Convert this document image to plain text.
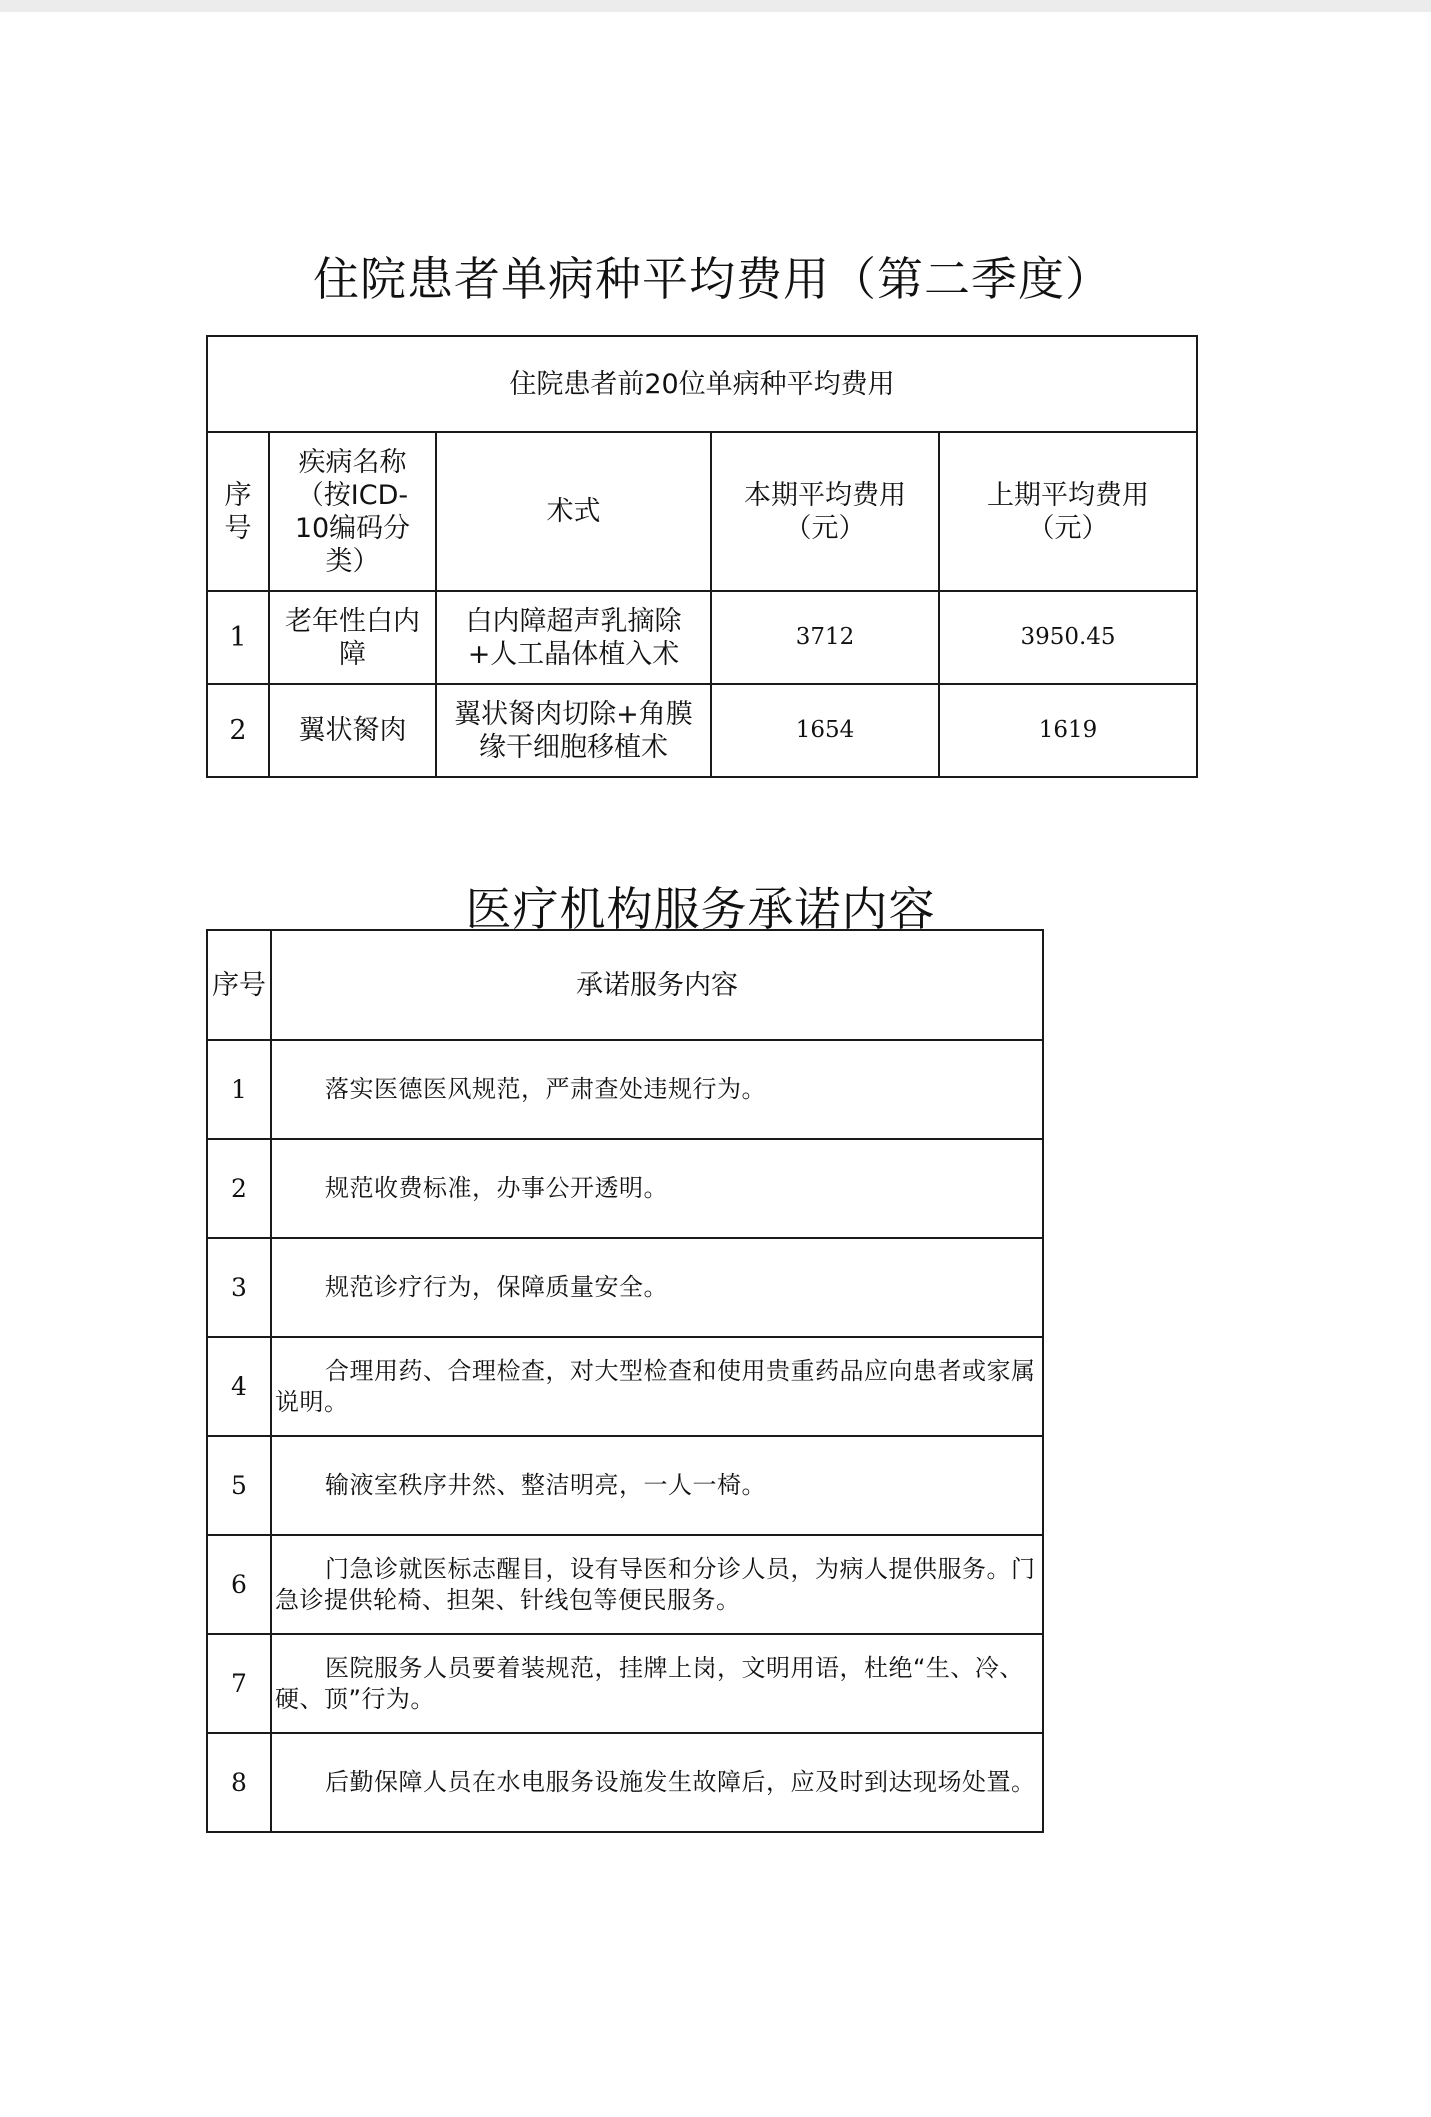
住院患者单病种平均费用（第二季度）
住院患者前20位单病种平均费用				
序号	疾病名称（按ICD-10编码分类）	术式	本期平均费用（元）	上期平均费用（元）
1	老年性白内障	白内障超声乳摘除+人工晶体植入术	3712	3950.45
2	翼状胬肉	翼状胬肉切除+角膜缘干细胞移植术	1654	1619
医疗机构服务承诺内容
序号	承诺服务内容
1	落实医德医风规范，严肃查处违规行为。
2	规范收费标准，办事公开透明。
3	规范诊疗行为，保障质量安全。
4	合理用药、合理检查，对大型检查和使用贵重药品应向患者或家属说明。
5	输液室秩序井然、整洁明亮，一人一椅。
6	门急诊就医标志醒目，设有导医和分诊人员，为病人提供服务。门急诊提供轮椅、担架、针线包等便民服务。
7	医院服务人员要着装规范，挂牌上岗，文明用语，杜绝“生、冷、硬、顶”行为。
8	后勤保障人员在水电服务设施发生故障后，应及时到达现场处置。
